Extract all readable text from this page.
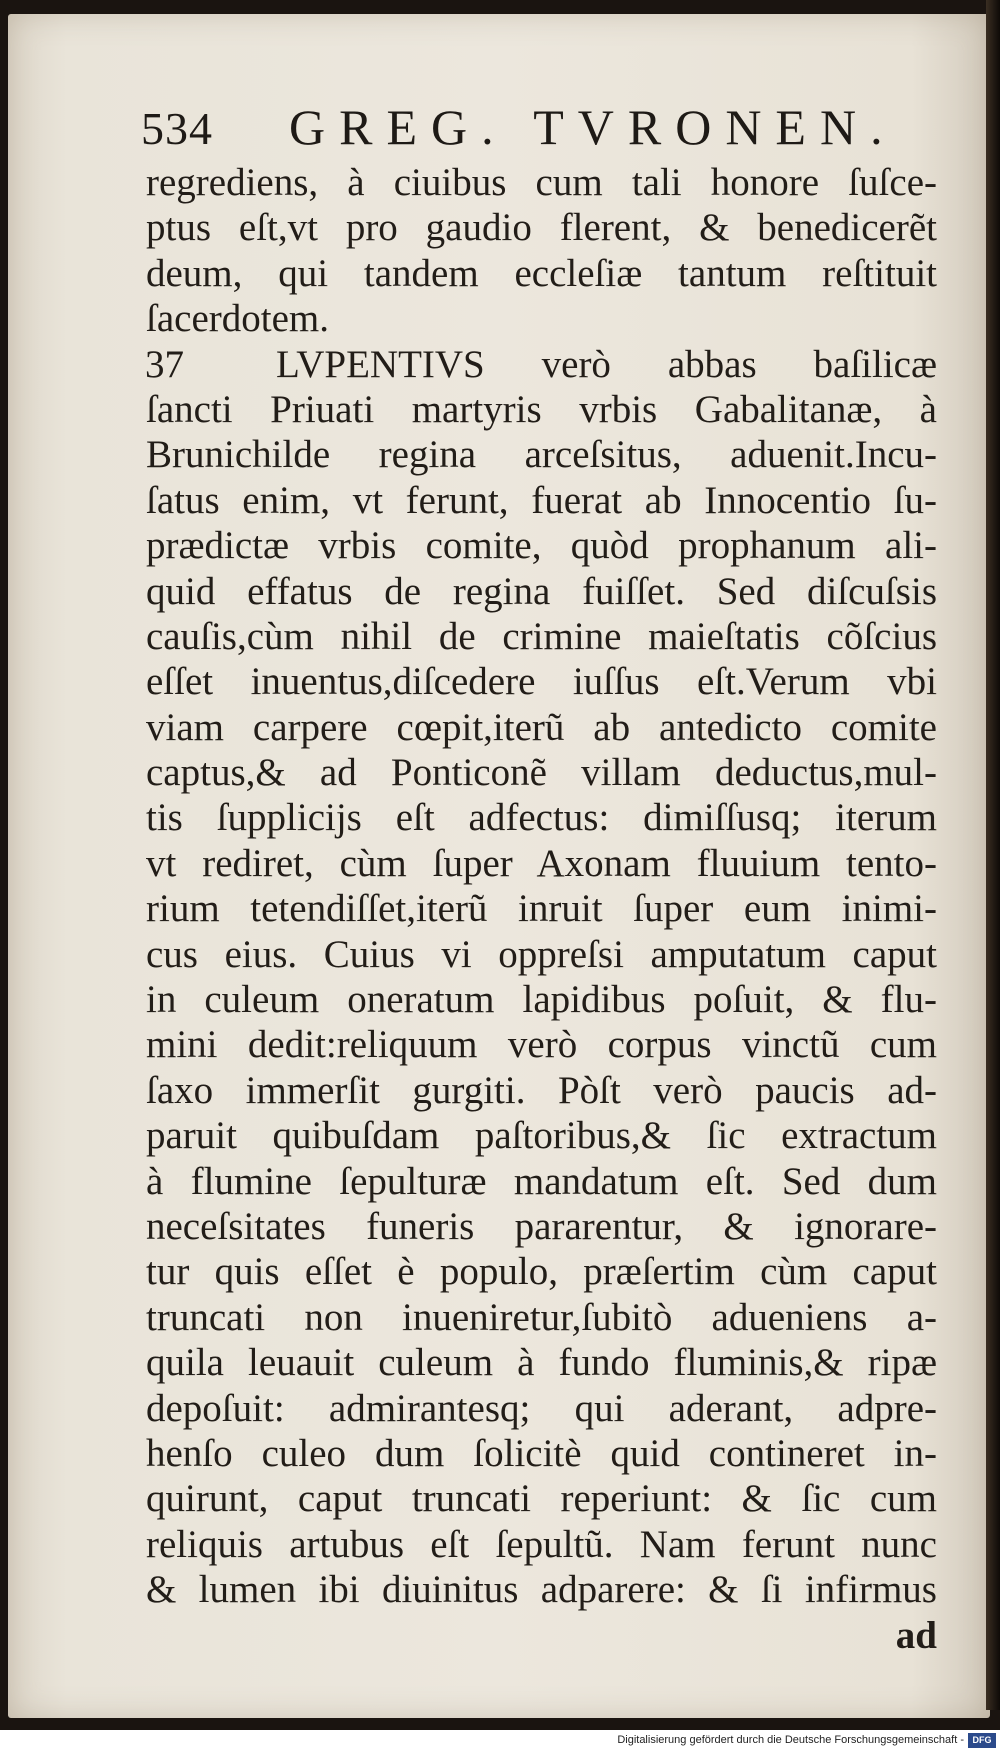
534 GREG. TVRONEN.
regrediens, à ciuibus cum tali honore ſuſce-
ptus eſt,vt pro gaudio flerent, & benedicerẽt
deum, qui tandem eccleſiæ tantum reſtituit
ſacerdotem.
37	LVPENTIVS verò abbas baſilicæ
ſancti Priuati martyris vrbis Gabalitanæ, à
Brunichilde regina arceſsitus, aduenit.Incu-
ſatus enim, vt ferunt, fuerat ab Innocentio ſu-
prædictæ vrbis comite, quòd prophanum ali-
quid effatus de regina fuiſſet. Sed diſcuſsis
cauſis,cùm nihil de crimine maieſtatis cõſcius
eſſet inuentus,diſcedere iuſſus eſt.Verum vbi
viam carpere cœpit,iterũ ab antedicto comite
captus,& ad Ponticonẽ villam deductus,mul-
tis ſupplicijs eſt adfectus: dimiſſusq; iterum
vt rediret, cùm ſuper Axonam fluuium tento-
rium tetendiſſet,iterũ inruit ſuper eum inimi-
cus eius. Cuius vi oppreſsi amputatum caput
in culeum oneratum lapidibus poſuit, & flu-
mini dedit:reliquum verò corpus vinctũ cum
ſaxo immerſit gurgiti. Pòſt verò paucis ad-
paruit quibuſdam paſtoribus,& ſic extractum
à flumine ſepulturæ mandatum eſt. Sed dum
neceſsitates funeris pararentur, & ignorare-
tur quis eſſet è populo, præſertim cùm caput
truncati non inueniretur,ſubitò adueniens a-
quila leuauit culeum à fundo fluminis,& ripæ
depoſuit: admirantesq; qui aderant, adpre-
henſo culeo dum ſolicitè quid contineret in-
quirunt, caput truncati reperiunt: & ſic cum
reliquis artubus eſt ſepultũ. Nam ferunt nunc
& lumen ibi diuinitus adparere: & ſi infirmus
ad
Digitalisierung gefördert durch die Deutsche Forschungsgemeinschaft - DFG
